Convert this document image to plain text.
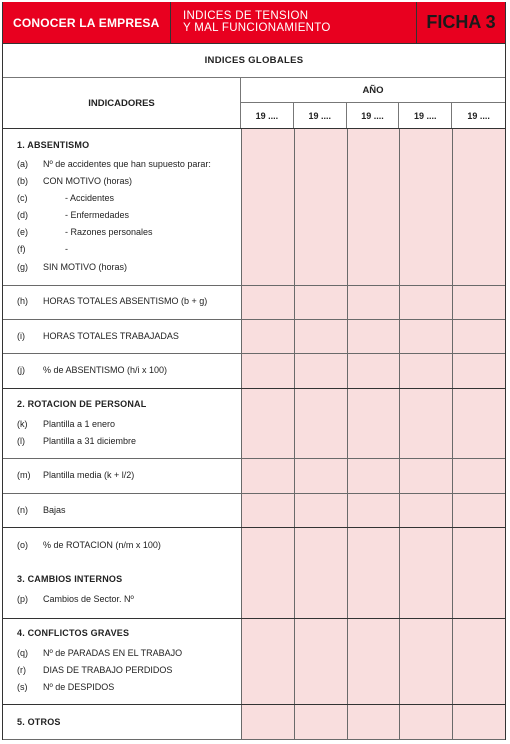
CONOCER LA EMPRESA	INDICES DE TENSION
Y MAL FUNCIONAMIENTO	FICHA 3
INDICES GLOBALES
INDICADORES
AÑO
19 ....	19 ....	19 ....	19 ....	19 ....
1. ABSENTISMO
(a)	Nº de accidentes que han supuesto parar:
(b)	CON MOTIVO (horas)
(c)	- Accidentes
(d)	- Enfermedades
(e)	- Razones personales
(f)	-
(g)	SIN MOTIVO (horas)
(h)	HORAS TOTALES ABSENTISMO (b + g)
(i)	HORAS TOTALES TRABAJADAS
(j)	% de ABSENTISMO (h/i x 100)
2. ROTACION DE PERSONAL
(k)	Plantilla a 1 enero
(l)	Plantilla a 31 diciembre
(m)	Plantilla media (k + l/2)
(n)	Bajas
(o)	% de ROTACION (n/m x 100)
3. CAMBIOS INTERNOS
(p)	Cambios de Sector. Nº
4. CONFLICTOS GRAVES
(q)	Nº de PARADAS EN EL TRABAJO
(r)	DIAS DE TRABAJO PERDIDOS
(s)	Nº de DESPIDOS
5. OTROS
